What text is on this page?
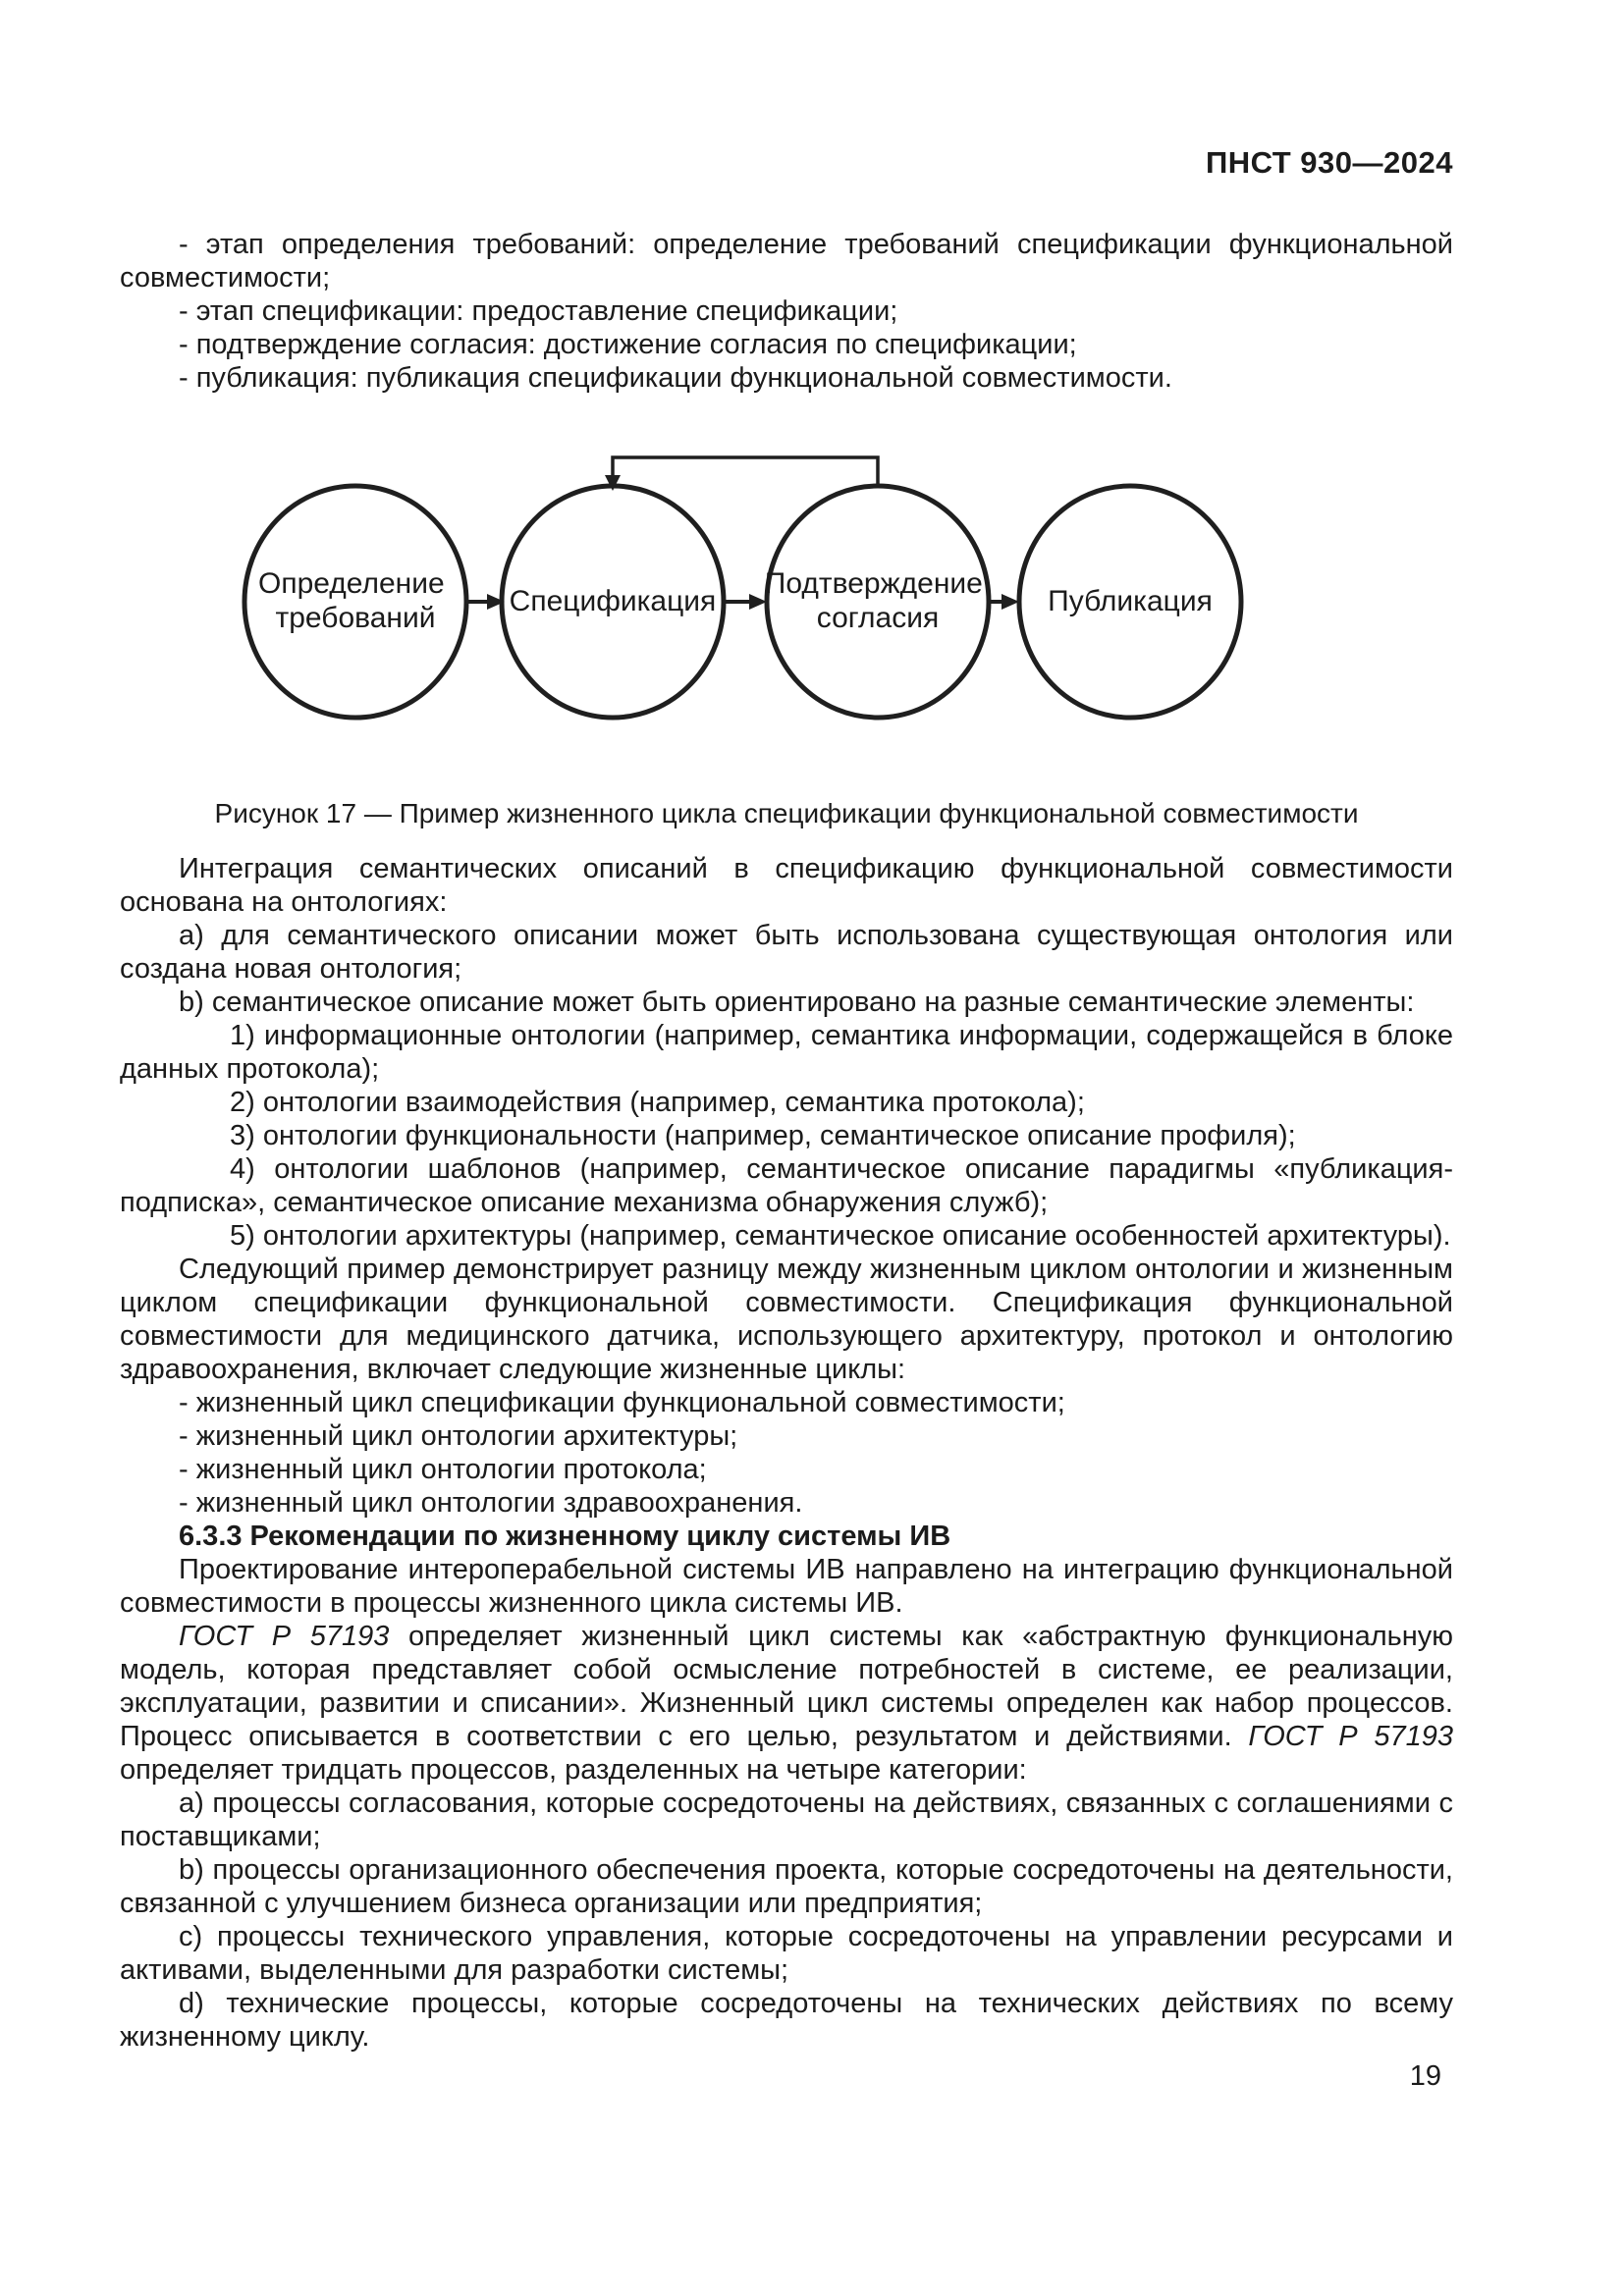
ПНСТ 930—2024

- этап определения требований: определение требований спецификации функциональной совместимости;

- этап спецификации: предоставление спецификации;

- подтверждение согласия: достижение согласия по спецификации;

- публикация: публикация спецификации функциональной совместимости.

Определение требований
Спецификация
Подтверждение согласия
Публикация
Рисунок 17 — Пример жизненного цикла спецификации функциональной совместимости

Интеграция семантических описаний в спецификацию функциональной совместимости основана на онтологиях:

а) для семантического описании может быть использована существующая онтология или создана новая онтология;

b) семантическое описание может быть ориентировано на разные семантические элементы:

1) информационные онтологии (например, семантика информации, содержащейся в блоке данных протокола);

2) онтологии взаимодействия (например, семантика протокола);

3) онтологии функциональности (например, семантическое описание профиля);

4) онтологии шаблонов (например, семантическое описание парадигмы «публикация-подписка», семантическое описание механизма обнаружения служб);

5) онтологии архитектуры (например, семантическое описание особенностей архитектуры).

Следующий пример демонстрирует разницу между жизненным циклом онтологии и жизненным циклом спецификации функциональной совместимости. Спецификация функциональной совместимости для медицинского датчика, использующего архитектуру, протокол и онтологию здравоохранения, включает следующие жизненные циклы:

- жизненный цикл спецификации функциональной совместимости;

- жизненный цикл онтологии архитектуры;

- жизненный цикл онтологии протокола;

- жизненный цикл онтологии здравоохранения.

6.3.3 Рекомендации по жизненному циклу системы ИВ

Проектирование интероперабельной системы ИВ направлено на интеграцию функциональной совместимости в процессы жизненного цикла системы ИВ.

ГОСТ Р 57193 определяет жизненный цикл системы как «абстрактную функциональную модель, которая представляет собой осмысление потребностей в системе, ее реализации, эксплуатации, развитии и списании». Жизненный цикл системы определен как набор процессов. Процесс описывается в соответствии с его целью, результатом и действиями. ГОСТ Р 57193 определяет тридцать процессов, разделенных на четыре категории:

а) процессы согласования, которые сосредоточены на действиях, связанных с соглашениями с поставщиками;

b) процессы организационного обеспечения проекта, которые сосредоточены на деятельности, связанной с улучшением бизнеса организации или предприятия;

c) процессы технического управления, которые сосредоточены на управлении ресурсами и активами, выделенными для разработки системы;

d) технические процессы, которые сосредоточены на технических действиях по всему жизненному циклу.

19
